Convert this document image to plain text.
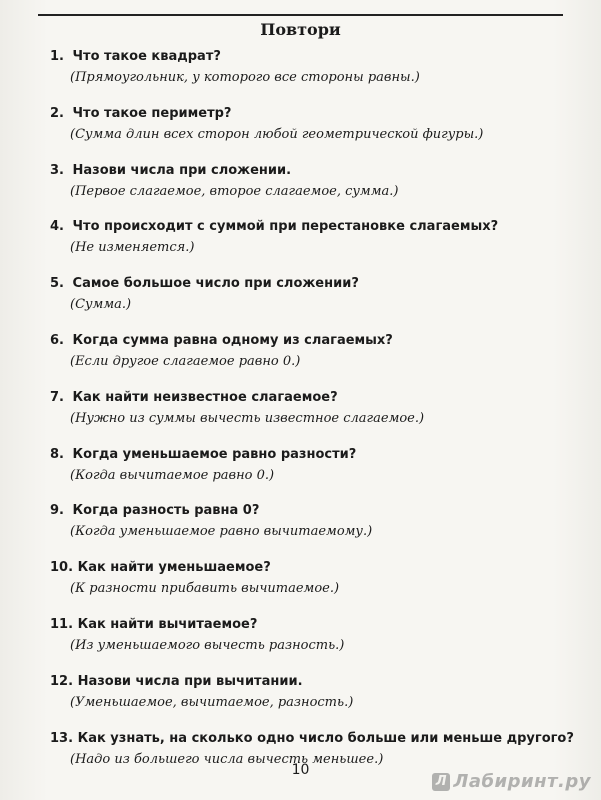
Повтори
1. Что такое квадрат?
(Прямоугольник, у которого все стороны равны.)
2. Что такое периметр?
(Сумма длин всех сторон любой геометрической фигуры.)
3. Назови числа при сложении.
(Первое слагаемое, второе слагаемое, сумма.)
4. Что происходит с суммой при перестановке слагаемых?
(Не изменяется.)
5. Самое большое число при сложении?
(Сумма.)
6. Когда сумма равна одному из слагаемых?
(Если другое слагаемое равно 0.)
7. Как найти неизвестное слагаемое?
(Нужно из суммы вычесть известное слагаемое.)
8. Когда уменьшаемое равно разности?
(Когда вычитаемое равно 0.)
9. Когда разность равна 0?
(Когда уменьшаемое равно вычитаемому.)
10. Как найти уменьшаемое?
(К разности прибавить вычитаемое.)
11. Как найти вычитаемое?
(Из уменьшаемого вычесть разность.)
12. Назови числа при вычитании.
(Уменьшаемое, вычитаемое, разность.)
13. Как узнать, на сколько одно число больше или меньше другого?
(Надо из большего числа вычесть меньшее.)
10
Л Лабиринт.ру
